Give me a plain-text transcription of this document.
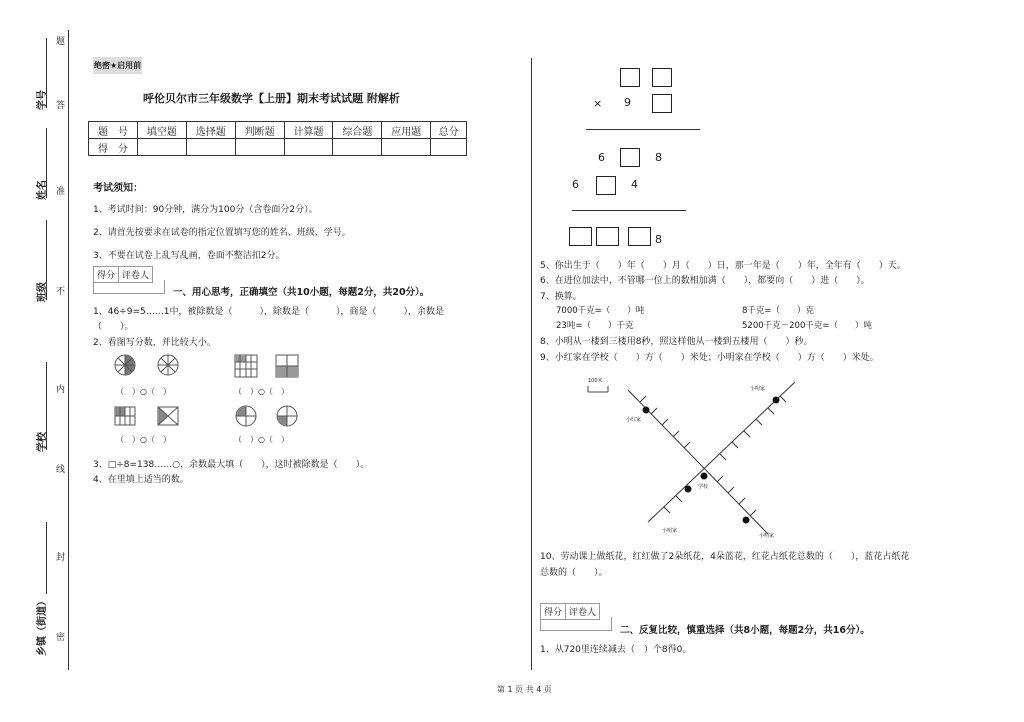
学号
姓名
班级
学校
乡镇（街道）
题
答
准
不
内
线
封
密
绝密★启用前
呼伦贝尔市三年级数学【上册】期末考试试题 附解析
题　号	填空题	选择题	判断题	计算题	综合题	应用题	总分
得　分							
考试须知：
1、考试时间：90分钟，满分为100分（含卷面分2分）。
2、请首先按要求在试卷的指定位置填写您的姓名、班级、学号。
3、不要在试卷上乱写乱画，卷面不整洁扣2分。
得分 评卷人
一、用心思考，正确填空（共10小题，每题2分，共20分）。
1、46÷9=5……1中，被除数是（　　　），除数是（　　　），商是（　　　），余数是
（　　）。
2、看图写分数，并比较大小。
（　）○（　）	（　）○（　）
（　）○（　）	（　）○（　）
3、□÷8=138……○，余数最大填（　　），这时被除数是（　　）。
4、在里填上适当的数。
× 9
6	8
6	4
8
5、你出生于（　　）年（　　）月（　　）日，那一年是（　　）年，全年有（　　）天。
6、在进位加法中，不管哪一位上的数相加满（　　），都要向（　　）进（　　）。
7、换算。
7000千克=（　　）吨	8千克=（　　）克
23吨=（　　）千克	5200千克－200千克=（　　）吨
8、小明从一楼到三楼用8秒，照这样他从一楼到五楼用（　　）秒。
9、小红家在学校（　　）方（　　）米处；小明家在学校（　　）方（　　）米处。
100米
小红家
小明家
学校
小明家
小明家
10、劳动课上做纸花，红红做了2朵纸花，4朵蓝花，红花占纸花总数的（　　），蓝花占纸花
总数的（　　）。
得分 评卷人
二、反复比较，慎重选择（共8小题，每题2分，共16分）。
1、从720里连续减去（　）个8得0。
第 1 页 共 4 页
